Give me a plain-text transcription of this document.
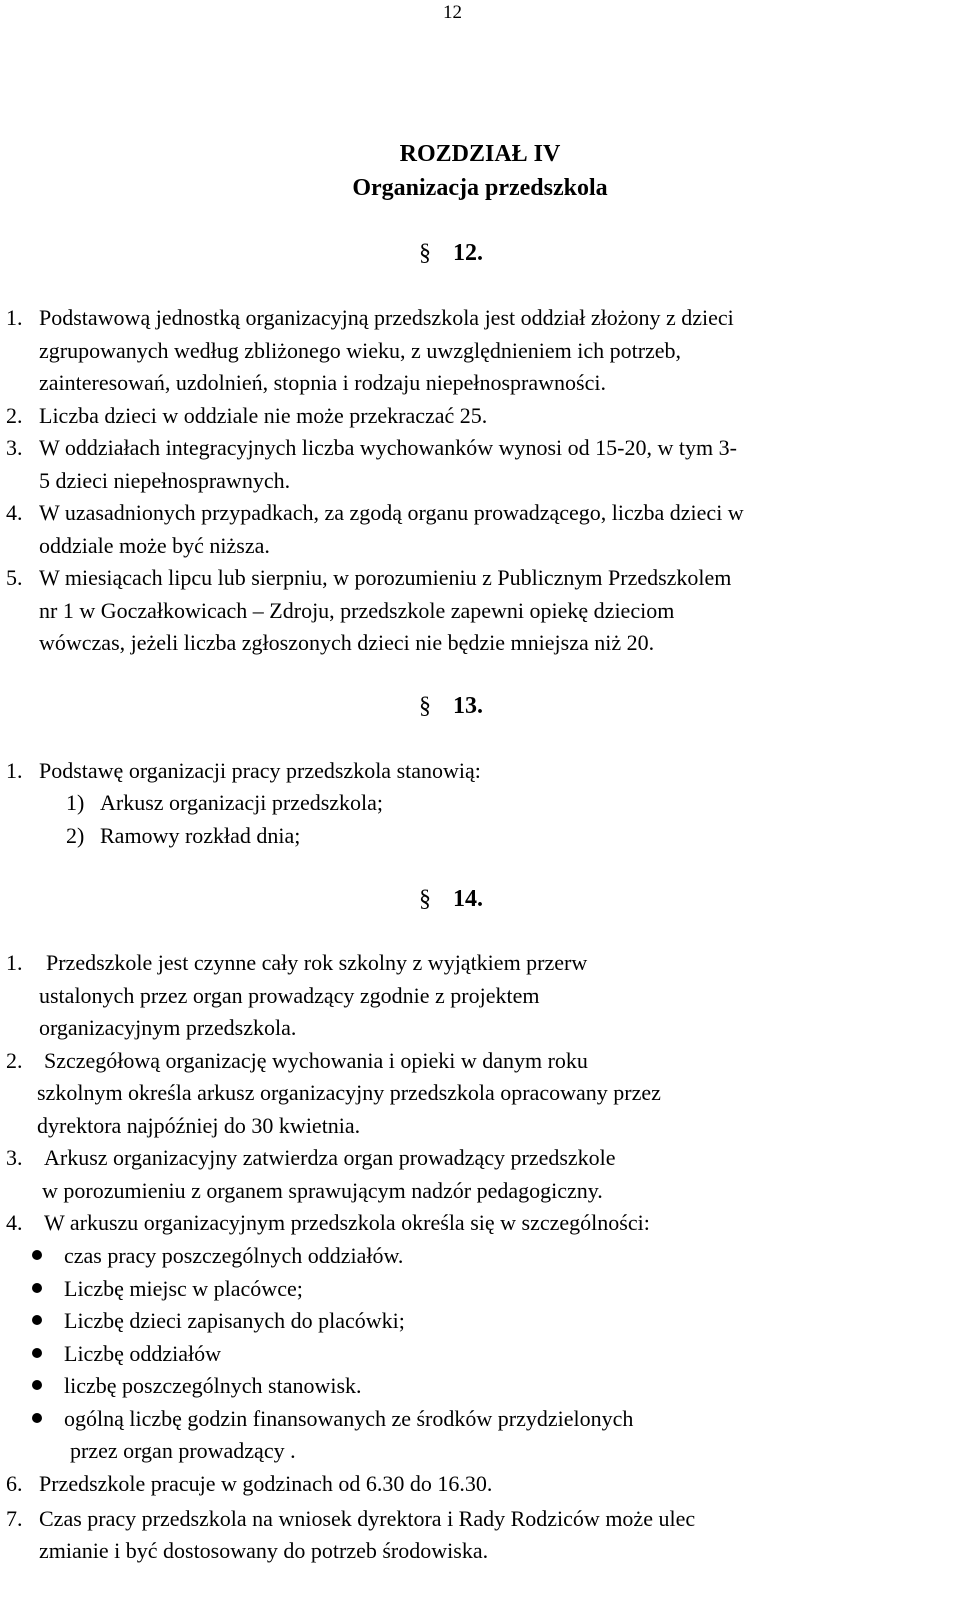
12
ROZDZIAŁ IV
Organizacja przedszkola
§ 12.
1. Podstawową jednostką organizacyjną przedszkola jest oddział złożony z dzieci
zgrupowanych według zbliżonego wieku, z uwzględnieniem ich potrzeb,
zainteresowań, uzdolnień, stopnia i rodzaju niepełnosprawności.
2. Liczba dzieci w oddziale nie może przekraczać 25.
3. W oddziałach integracyjnych liczba wychowanków wynosi od 15-20, w tym 3-
5 dzieci niepełnosprawnych.
4. W uzasadnionych przypadkach, za zgodą organu prowadzącego, liczba dzieci w
oddziale może być niższa.
5. W miesiącach lipcu lub sierpniu, w porozumieniu z Publicznym Przedszkolem
nr 1 w Goczałkowicach – Zdroju, przedszkole zapewni opiekę dzieciom
wówczas, jeżeli liczba zgłoszonych dzieci nie będzie mniejsza niż 20.
§ 13.
1. Podstawę organizacji pracy przedszkola stanowią:
1) Arkusz organizacji przedszkola;
2) Ramowy rozkład dnia;
§ 14.
1. Przedszkole jest czynne cały rok szkolny z wyjątkiem przerw
ustalonych przez organ prowadzący zgodnie z projektem
organizacyjnym przedszkola.
2. Szczegółową organizację wychowania i opieki w danym roku
szkolnym określa arkusz organizacyjny przedszkola opracowany przez
dyrektora najpóźniej do 30 kwietnia.
3. Arkusz organizacyjny zatwierdza organ prowadzący przedszkole
w porozumieniu z organem sprawującym nadzór pedagogiczny.
4. W arkuszu organizacyjnym przedszkola określa się w szczególności:
czas pracy poszczególnych oddziałów.
Liczbę miejsc w placówce;
Liczbę dzieci zapisanych do placówki;
Liczbę oddziałów
liczbę poszczególnych stanowisk.
ogólną liczbę godzin finansowanych ze środków przydzielonych
przez organ prowadzący .
6. Przedszkole pracuje w godzinach od 6.30 do 16.30.
7. Czas pracy przedszkola na wniosek dyrektora i Rady Rodziców może ulec
zmianie i być dostosowany do potrzeb środowiska.
